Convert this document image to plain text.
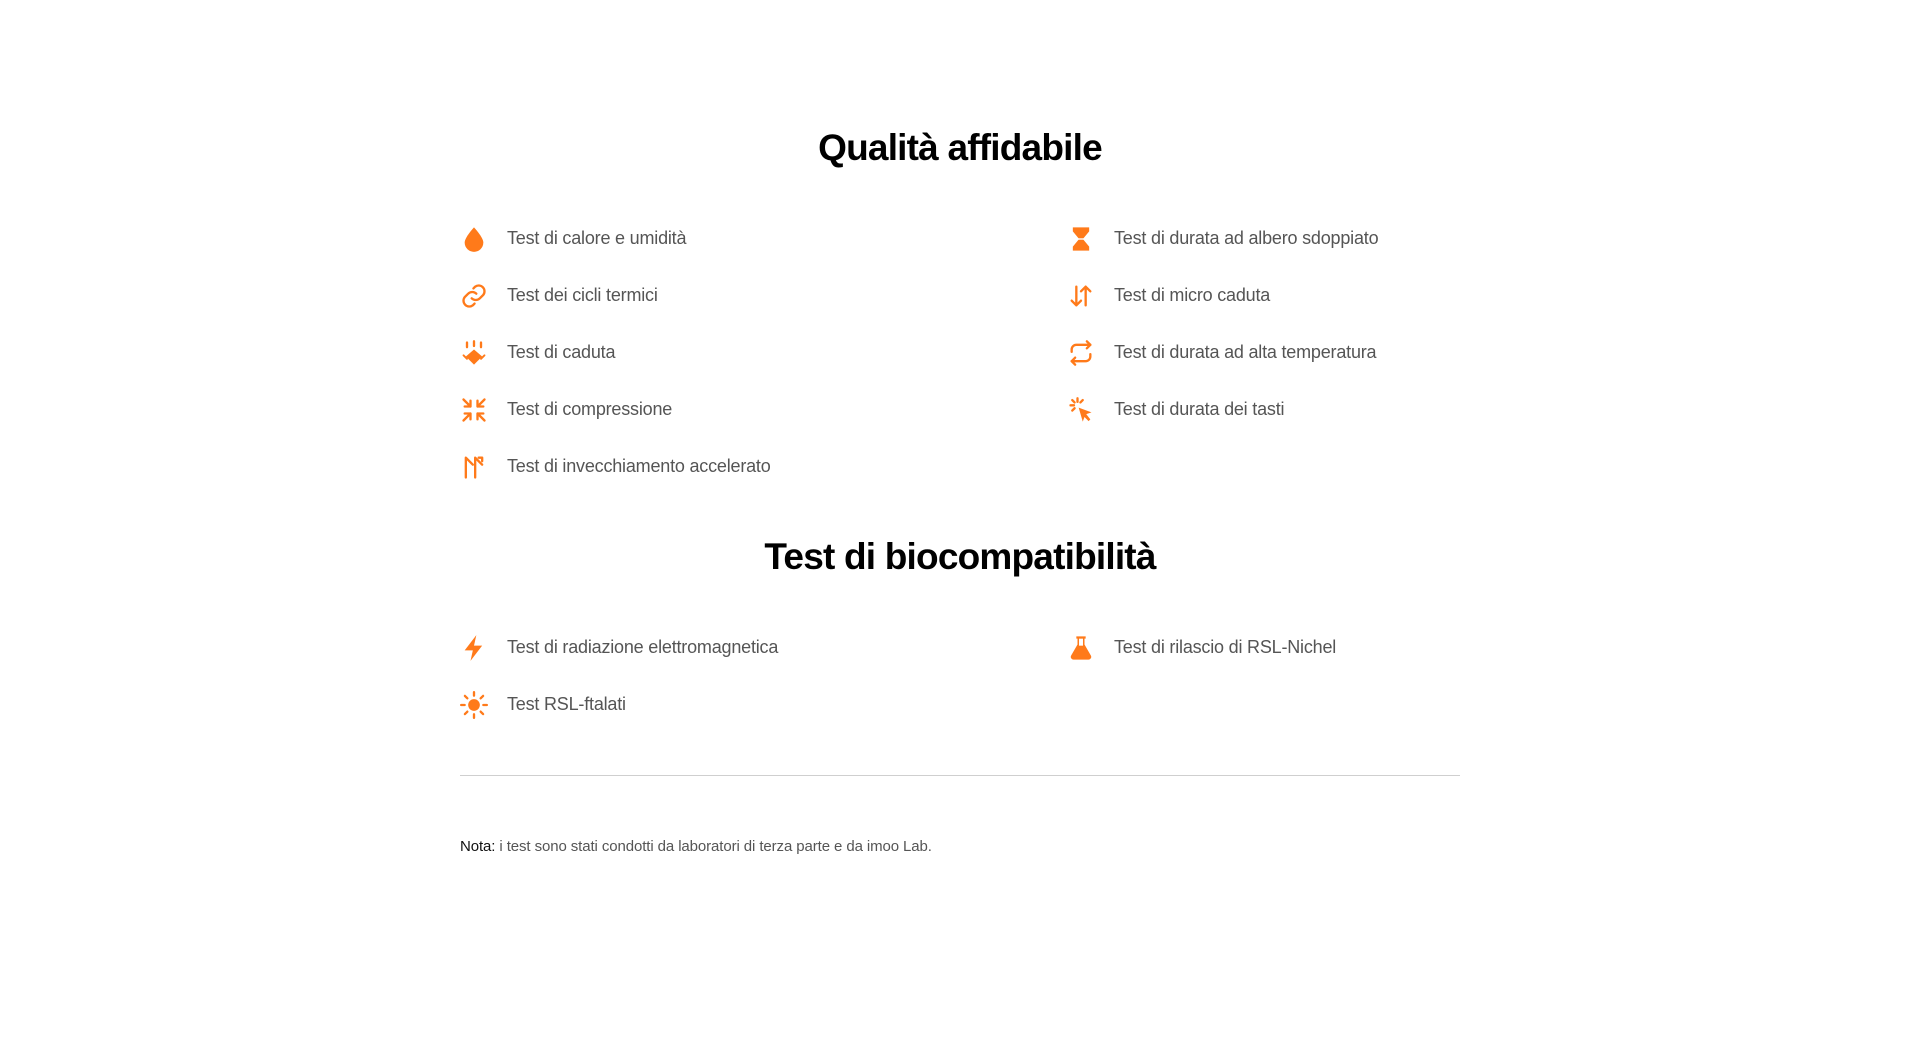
Qualità affidabile
Test di calore e umidità	Test di durata ad albero sdoppiato
Test dei cicli termici	Test di micro caduta
Test di caduta	Test di durata ad alta temperatura
Test di compressione	Test di durata dei tasti
Test di invecchiamento accelerato
Test di biocompatibilità
Test di radiazione elettromagnetica	Test di rilascio di RSL-Nichel
Test RSL-ftalati
Nota: i test sono stati condotti da laboratori di terza parte e da imoo Lab.
